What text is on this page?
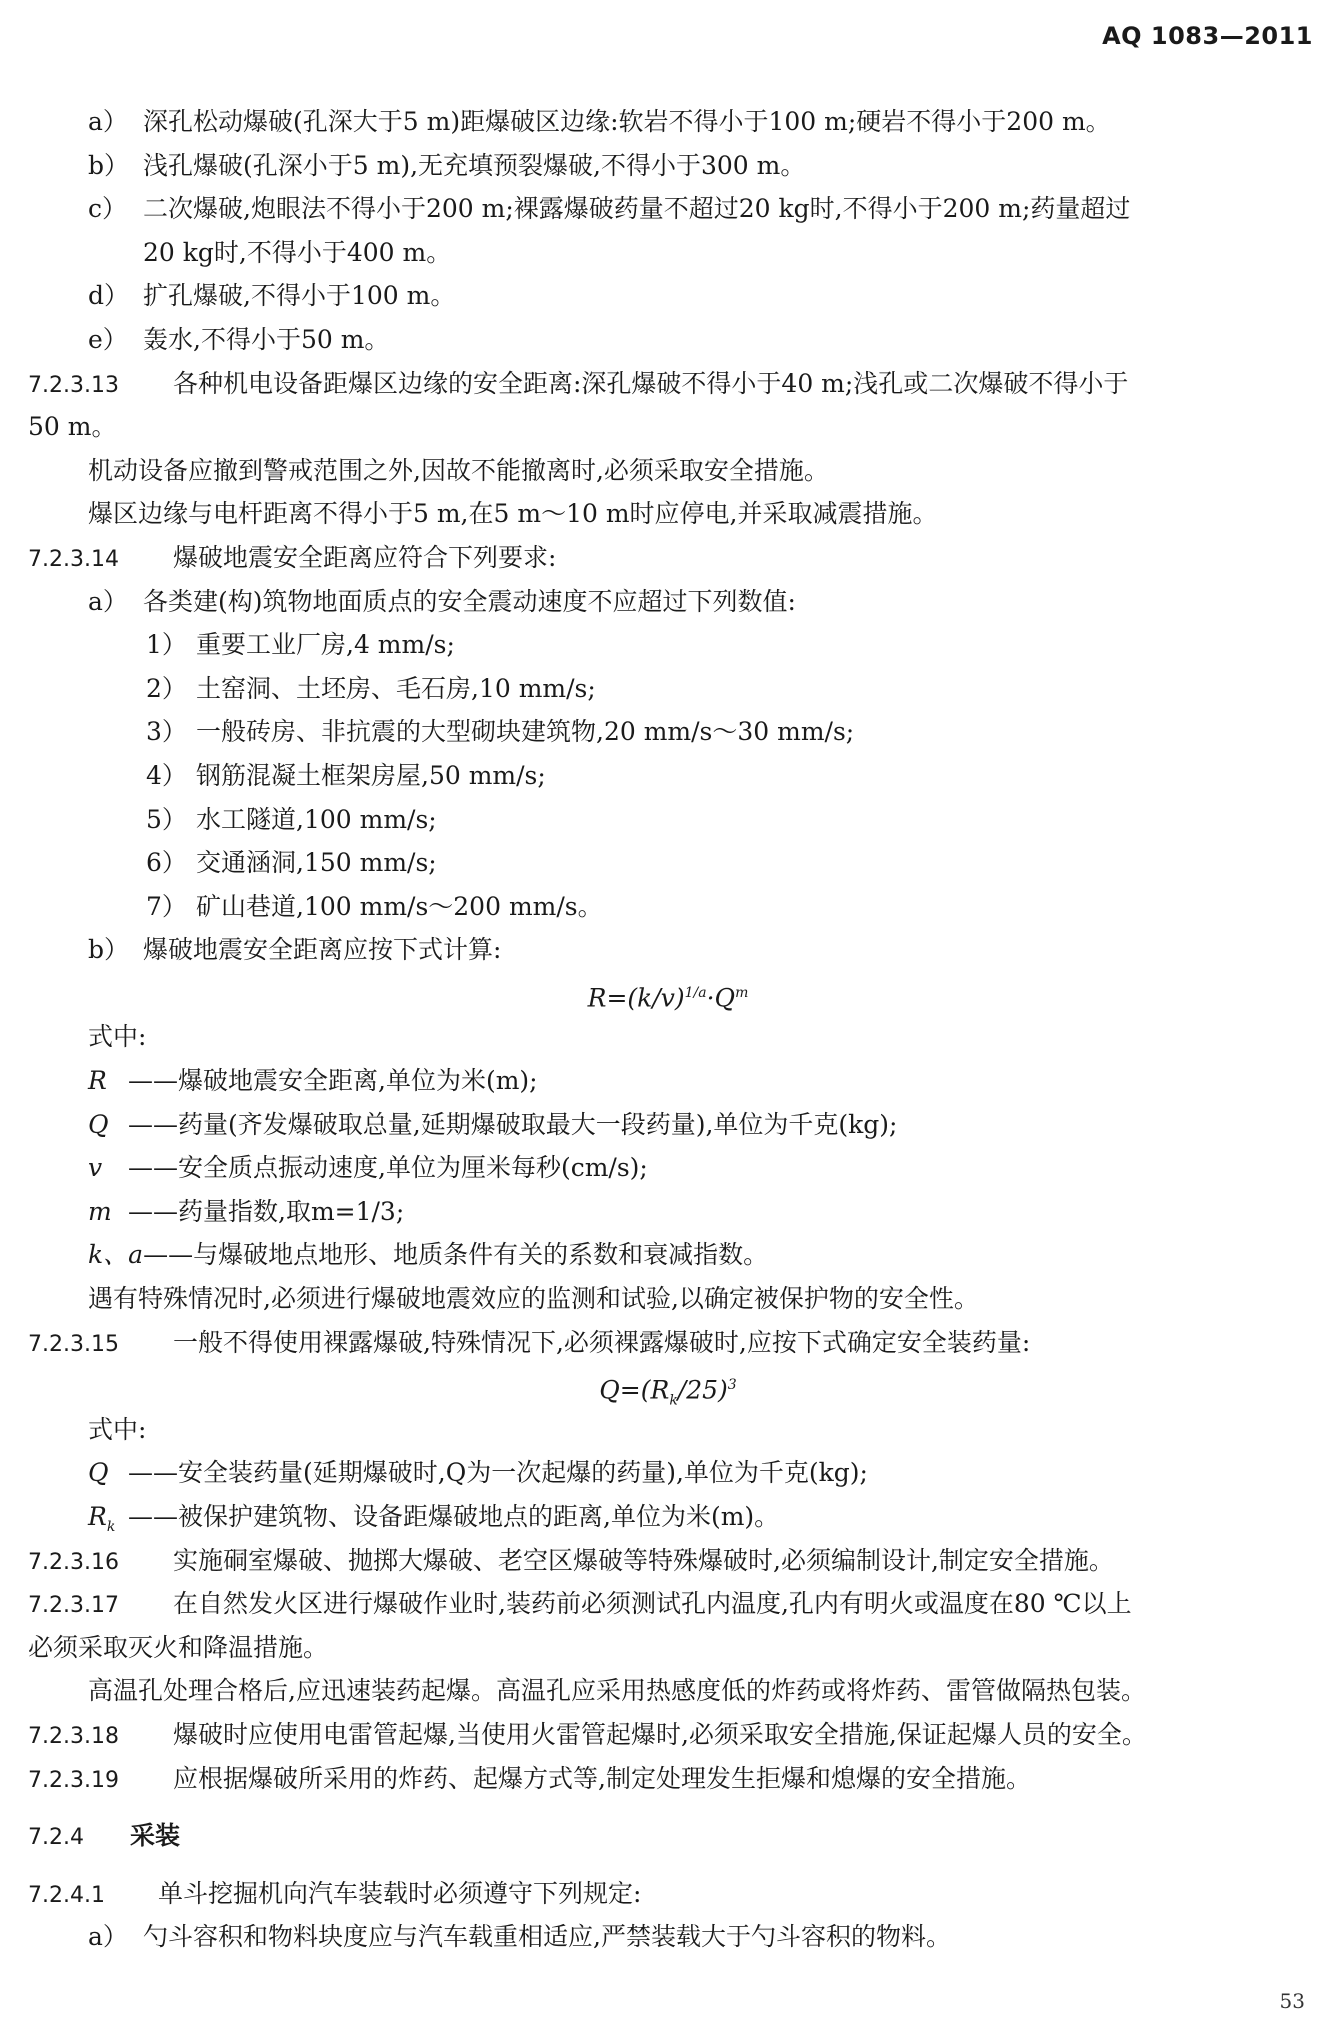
AQ 1083—2011
a） 深孔松动爆破(孔深大于5 m)距爆破区边缘:软岩不得小于100 m;硬岩不得小于200 m。
b） 浅孔爆破(孔深小于5 m),无充填预裂爆破,不得小于300 m。
c） 二次爆破,炮眼法不得小于200 m;裸露爆破药量不超过20 kg时,不得小于200 m;药量超过
20 kg时,不得小于400 m。
d） 扩孔爆破,不得小于100 m。
e） 轰水,不得小于50 m。
7.2.3.13 各种机电设备距爆区边缘的安全距离:深孔爆破不得小于40 m;浅孔或二次爆破不得小于
50 m。
机动设备应撤到警戒范围之外,因故不能撤离时,必须采取安全措施。
爆区边缘与电杆距离不得小于5 m,在5 m～10 m时应停电,并采取减震措施。
7.2.3.14 爆破地震安全距离应符合下列要求:
a） 各类建(构)筑物地面质点的安全震动速度不应超过下列数值:
1） 重要工业厂房,4 mm/s;
2） 土窑洞、土坯房、毛石房,10 mm/s;
3） 一般砖房、非抗震的大型砌块建筑物,20 mm/s～30 mm/s;
4） 钢筋混凝土框架房屋,50 mm/s;
5） 水工隧道,100 mm/s;
6） 交通涵洞,150 mm/s;
7） 矿山巷道,100 mm/s～200 mm/s。
b） 爆破地震安全距离应按下式计算:
$R=(k/v)^{1/a}\cdot Q^m$
式中:
R ——爆破地震安全距离,单位为米(m);
Q ——药量(齐发爆破取总量,延期爆破取最大一段药量),单位为千克(kg);
v ——安全质点振动速度,单位为厘米每秒(cm/s);
m ——药量指数,取m=1/3;
k、a——与爆破地点地形、地质条件有关的系数和衰减指数。
遇有特殊情况时,必须进行爆破地震效应的监测和试验,以确定被保护物的安全性。
7.2.3.15 一般不得使用裸露爆破,特殊情况下,必须裸露爆破时,应按下式确定安全装药量:
$Q=(R_k/25)^3$
式中:
Q ——安全装药量(延期爆破时,Q为一次起爆的药量),单位为千克(kg);
$R_k$ ——被保护建筑物、设备距爆破地点的距离,单位为米(m)。
7.2.3.16 实施硐室爆破、抛掷大爆破、老空区爆破等特殊爆破时,必须编制设计,制定安全措施。
7.2.3.17 在自然发火区进行爆破作业时,装药前必须测试孔内温度,孔内有明火或温度在80 ℃以上
必须采取灭火和降温措施。
高温孔处理合格后,应迅速装药起爆。高温孔应采用热感度低的炸药或将炸药、雷管做隔热包装。
7.2.3.18 爆破时应使用电雷管起爆,当使用火雷管起爆时,必须采取安全措施,保证起爆人员的安全。
7.2.3.19 应根据爆破所采用的炸药、起爆方式等,制定处理发生拒爆和熄爆的安全措施。
7.2.4 采装
7.2.4.1 单斗挖掘机向汽车装载时必须遵守下列规定:
a） 勺斗容积和物料块度应与汽车载重相适应,严禁装载大于勺斗容积的物料。
53
